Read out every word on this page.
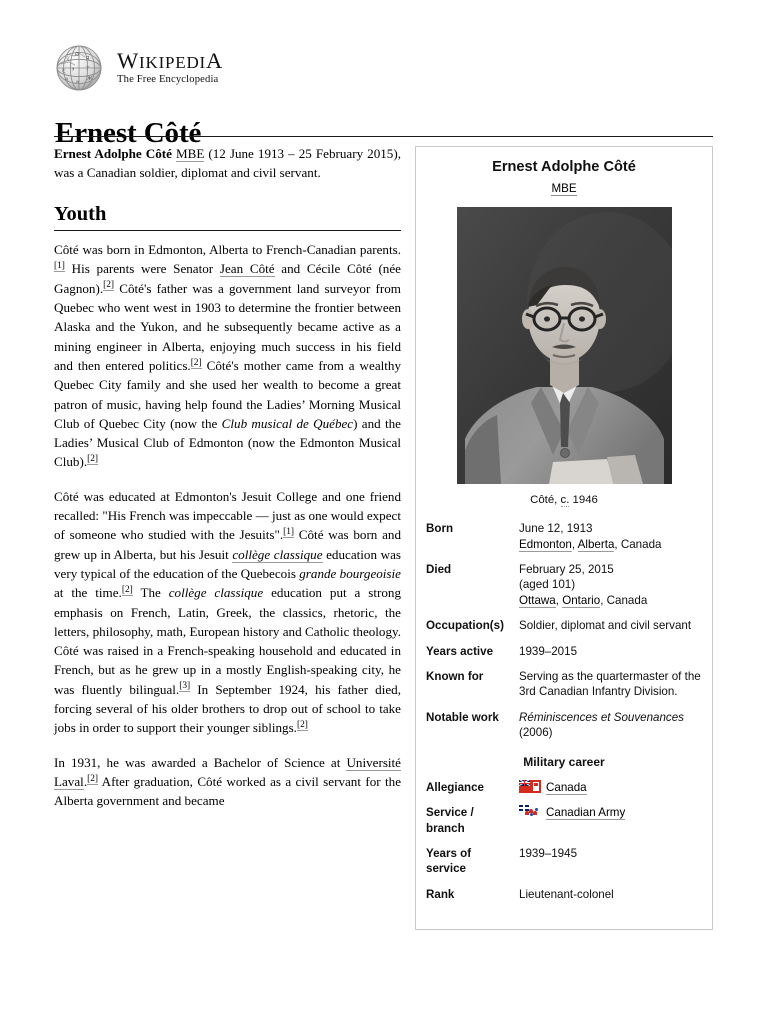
文
Ω
Я
ح و ア
त א Ж
WIKIPEDIA
The Free Encyclopedia
Ernest Côté

Ernest Adolphe Côté MBE (12 June 1913 – 25 February 2015), was a Canadian soldier, diplomat and civil servant.

Youth

Côté was born in Edmonton, Alberta to French-Canadian parents.[1] His parents were Senator Jean Côté and Cécile Côté (née Gagnon).[2] Côté's father was a government land surveyor from Quebec who went west in 1903 to determine the frontier between Alaska and the Yukon, and he subsequently became active as a mining engineer in Alberta, enjoying much success in his field and then entered politics.[2] Côté's mother came from a wealthy Quebec City family and she used her wealth to become a great patron of music, having help found the Ladies’ Morning Musical Club of Quebec City (now the Club musical de Québec) and the Ladies’ Musical Club of Edmonton (now the Edmonton Musical Club).[2]

Côté was educated at Edmonton's Jesuit College and one friend recalled: "His French was impeccable — just as one would expect of someone who studied with the Jesuits".[1] Côté was born and grew up in Alberta, but his Jesuit collège classique education was very typical of the education of the Quebecois grande bourgeoisie at the time.[2] The collège classique education put a strong emphasis on French, Latin, Greek, the classics, rhetoric, the letters, philosophy, math, European history and Catholic theology. Côté was raised in a French-speaking household and educated in French, but as he grew up in a mostly English-speaking city, he was fluently bilingual.[3] In September 1924, his father died, forcing several of his older brothers to drop out of school to take jobs in order to support their younger siblings.[2]

In 1931, he was awarded a Bachelor of Science at Université Laval.[2] After graduation, Côté worked as a civil servant for the Alberta government and became

Ernest Adolphe Côté
MBE
Côté, c. 1946
Born	June 12, 1913
Edmonton, Alberta, Canada

Died	February 25, 2015
(aged 101)
Ottawa, Ontario, Canada

Occupation(s)	Soldier, diplomat and civil servant
Years active	1939–2015
Known for	Serving as the quartermaster of the 3rd Canadian Infantry Division.
Notable work	Réminiscences et Souvenances (2006)
Military career	
Allegiance	Canada
Service / branch	Canadian Army
Years of service	1939–1945
Rank	Lieutenant-colonel
